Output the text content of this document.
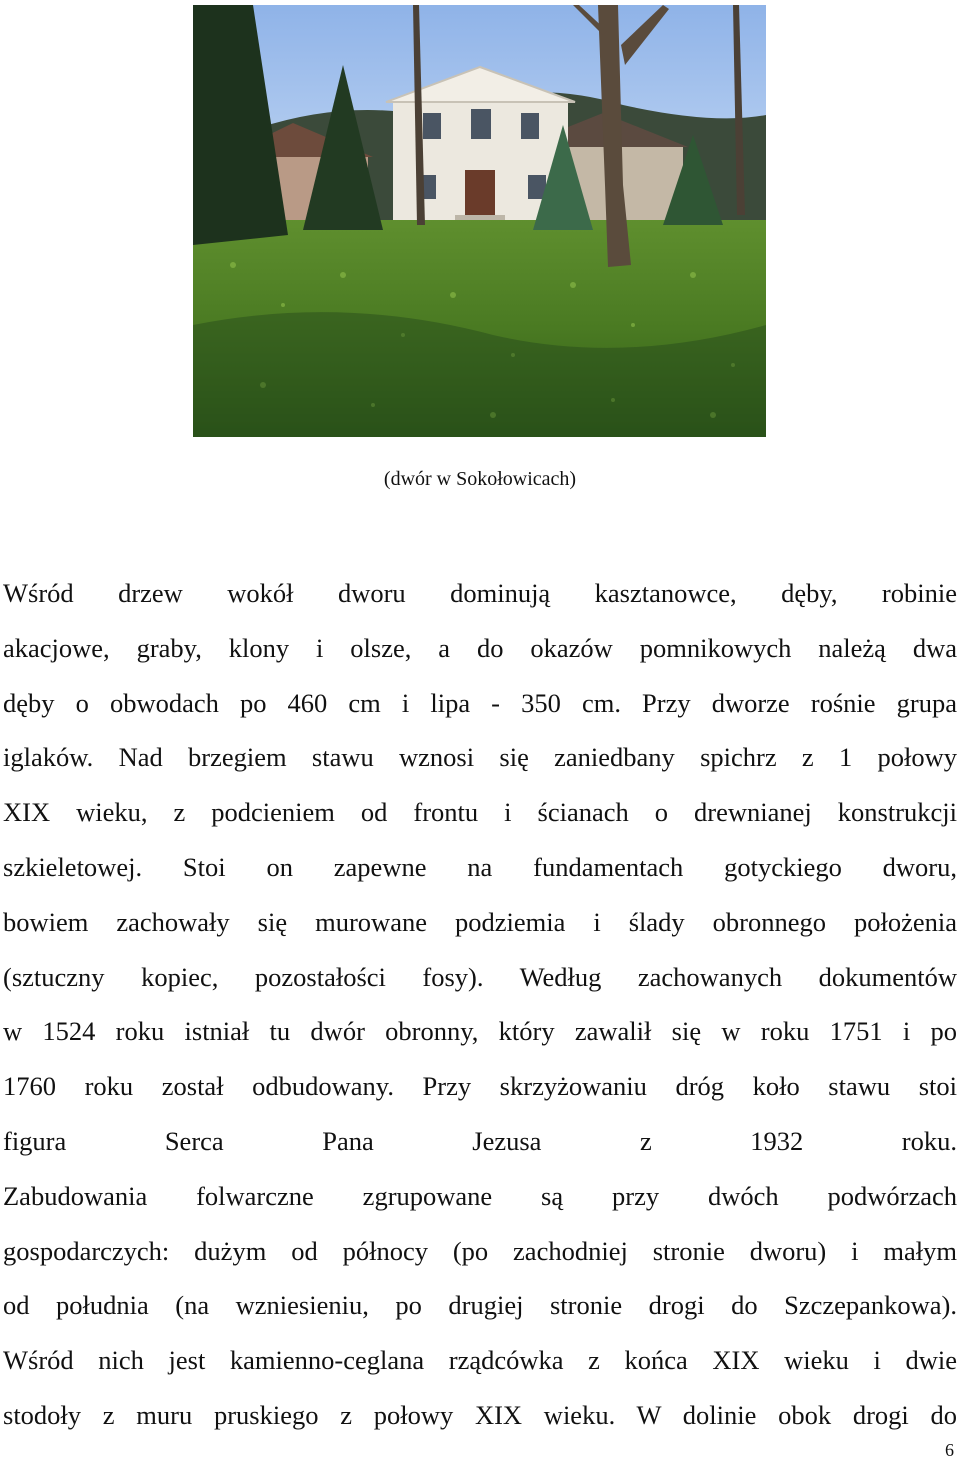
(dwór w Sokołowicach)
Wśród drzew wokół dworu dominują kasztanowce, dęby, robinie
akacjowe, graby, klony i olsze, a do okazów pomnikowych należą dwa
dęby o obwodach po 460 cm i lipa - 350 cm. Przy dworze rośnie grupa
iglaków. Nad brzegiem stawu wznosi się zaniedbany spichrz z 1 połowy
XIX wieku, z podcieniem od frontu i ścianach o drewnianej konstrukcji
szkieletowej. Stoi on zapewne na fundamentach gotyckiego dworu,
bowiem zachowały się murowane podziemia i ślady obronnego położenia
(sztuczny kopiec, pozostałości fosy). Według zachowanych dokumentów
w 1524 roku istniał tu dwór obronny, który zawalił się w roku 1751 i po
1760 roku został odbudowany. Przy skrzyżowaniu dróg koło stawu stoi
figura Serca Pana Jezusa z 1932 roku.
Zabudowania folwarczne zgrupowane są przy dwóch podwórzach
gospodarczych: dużym od północy (po zachodniej stronie dworu) i małym
od południa (na wzniesieniu, po drugiej stronie drogi do Szczepankowa).
Wśród nich jest kamienno-ceglana rządcówka z końca XIX wieku i dwie
stodoły z muru pruskiego z połowy XIX wieku. W dolinie obok drogi do
6
